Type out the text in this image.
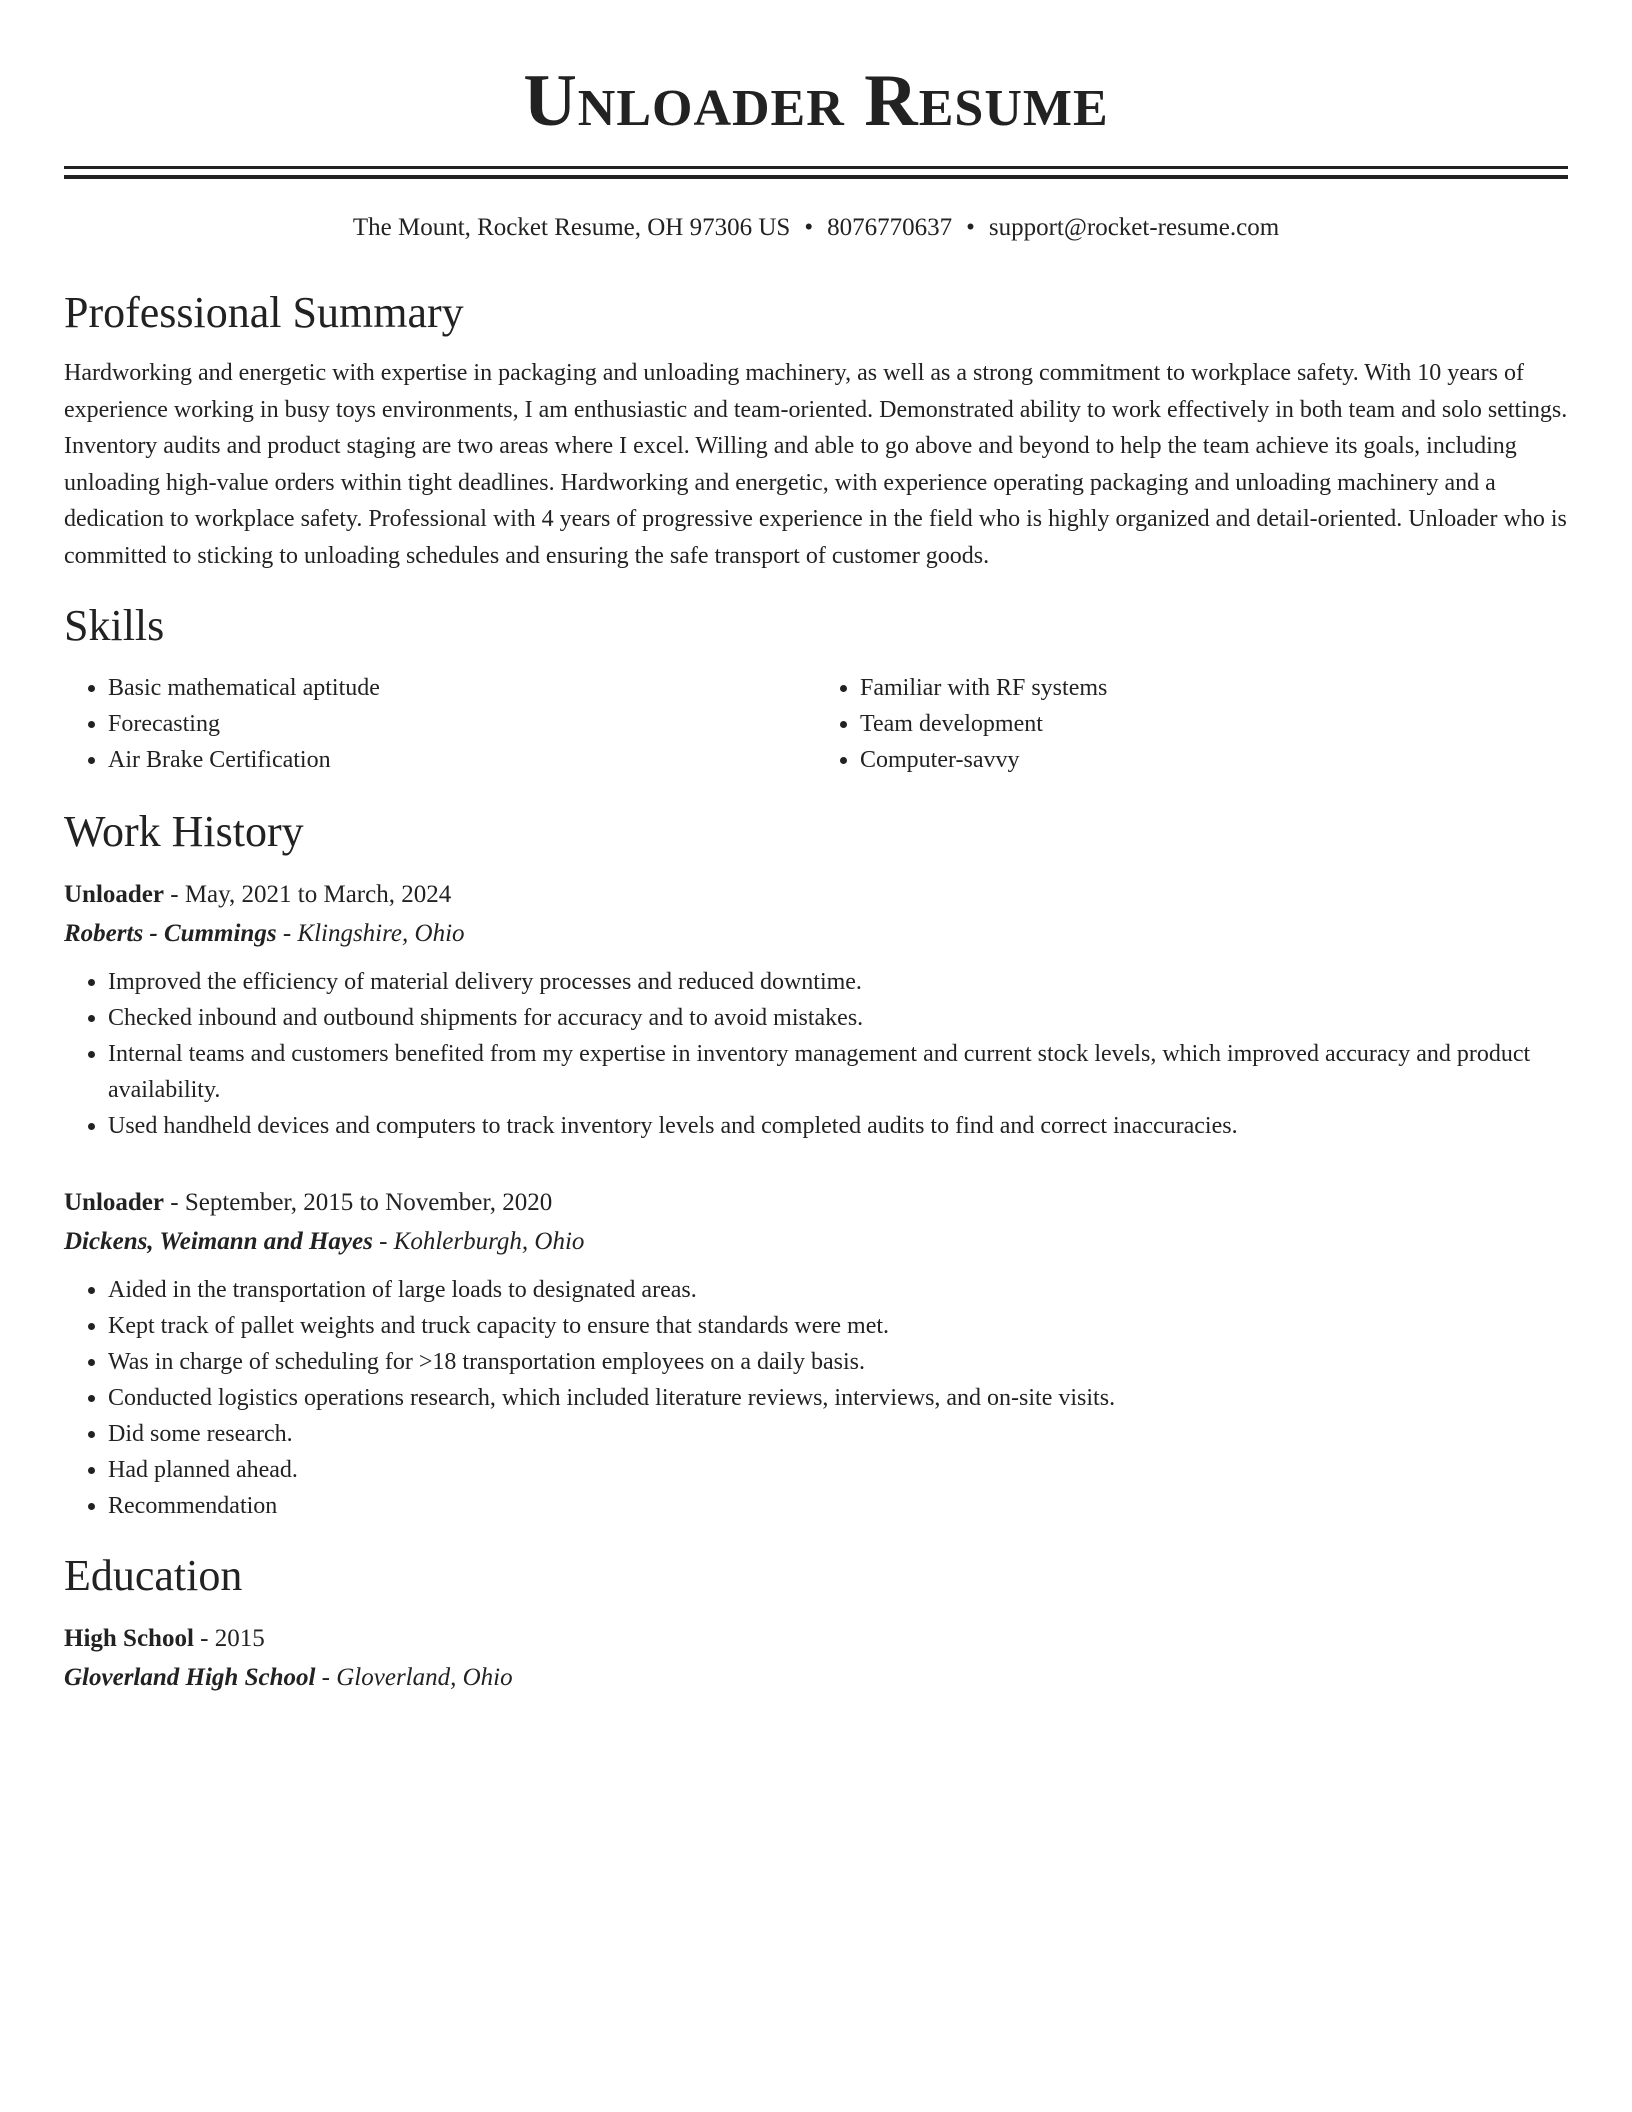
Unloader Resume
The Mount, Rocket Resume, OH 97306 US • 8076770637 • support@rocket-resume.com
Professional Summary
Hardworking and energetic with expertise in packaging and unloading machinery, as well as a strong commitment to workplace safety. With 10 years of experience working in busy toys environments, I am enthusiastic and team-oriented. Demonstrated ability to work effectively in both team and solo settings. Inventory audits and product staging are two areas where I excel. Willing and able to go above and beyond to help the team achieve its goals, including unloading high-value orders within tight deadlines. Hardworking and energetic, with experience operating packaging and unloading machinery and a dedication to workplace safety. Professional with 4 years of progressive experience in the field who is highly organized and detail-oriented. Unloader who is committed to sticking to unloading schedules and ensuring the safe transport of customer goods.
Skills
• Basic mathematical aptitude
• Forecasting
• Air Brake Certification
• Familiar with RF systems
• Team development
• Computer-savvy
Work History
Unloader - May, 2021 to March, 2024
Roberts - Cummings - Klingshire, Ohio
• Improved the efficiency of material delivery processes and reduced downtime.
• Checked inbound and outbound shipments for accuracy and to avoid mistakes.
• Internal teams and customers benefited from my expertise in inventory management and current stock levels, which improved accuracy and product availability.
• Used handheld devices and computers to track inventory levels and completed audits to find and correct inaccuracies.
Unloader - September, 2015 to November, 2020
Dickens, Weimann and Hayes - Kohlerburgh, Ohio
• Aided in the transportation of large loads to designated areas.
• Kept track of pallet weights and truck capacity to ensure that standards were met.
• Was in charge of scheduling for >18 transportation employees on a daily basis.
• Conducted logistics operations research, which included literature reviews, interviews, and on-site visits.
• Did some research.
• Had planned ahead.
• Recommendation
Education
High School - 2015
Gloverland High School - Gloverland, Ohio
